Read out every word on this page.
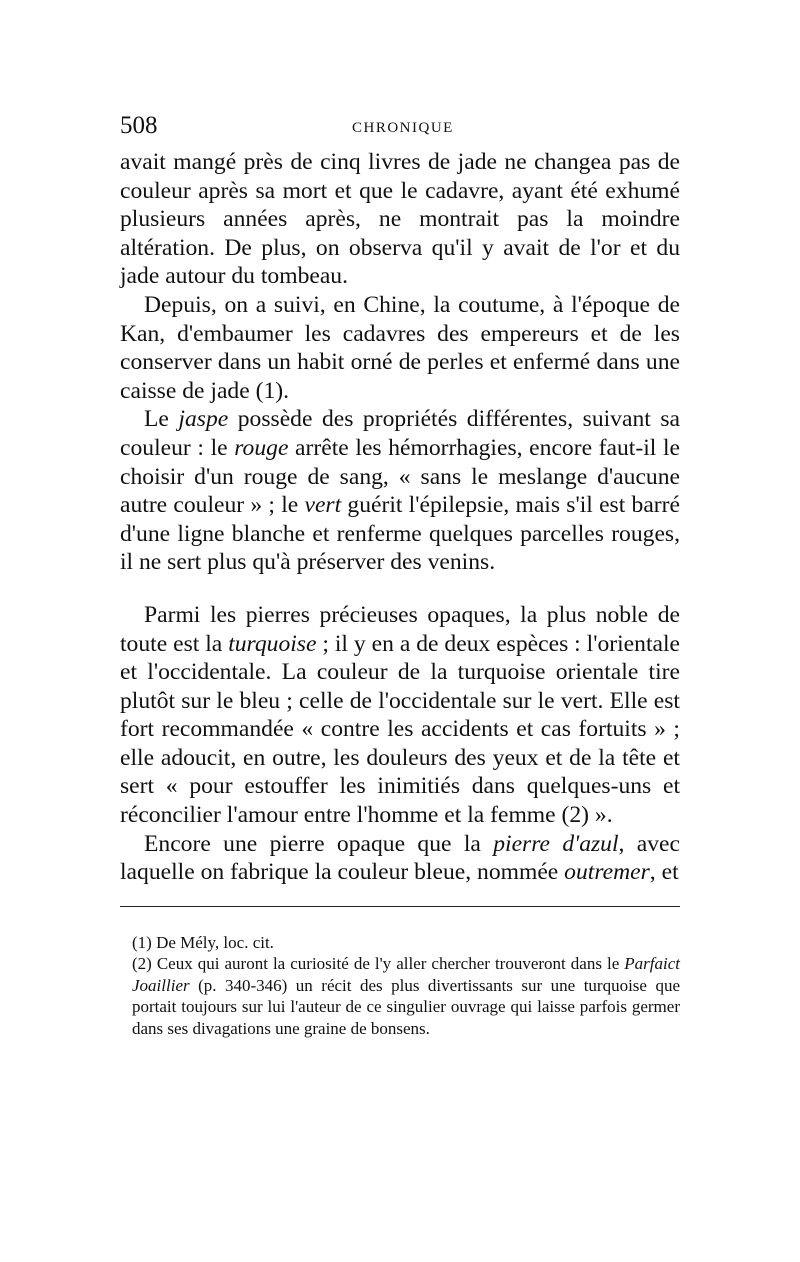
508	CHRONIQUE

avait mangé près de cinq livres de jade ne changea pas de couleur après sa mort et que le cadavre, ayant été exhumé plusieurs années après, ne montrait pas la moindre altération. De plus, on observa qu'il y avait de l'or et du jade autour du tombeau.

Depuis, on a suivi, en Chine, la coutume, à l'époque de Kan, d'embaumer les cadavres des empereurs et de les conserver dans un habit orné de perles et enfermé dans une caisse de jade (1).

Le jaspe possède des propriétés différentes, suivant sa couleur : le rouge arrête les hémorrhagies, encore faut-il le choisir d'un rouge de sang, « sans le meslange d'aucune autre couleur » ; le vert guérit l'épilepsie, mais s'il est barré d'une ligne blanche et renferme quelques parcelles rouges, il ne sert plus qu'à préserver des venins.

Parmi les pierres précieuses opaques, la plus noble de toute est la turquoise ; il y en a de deux espèces : l'orientale et l'occidentale. La couleur de la turquoise orientale tire plutôt sur le bleu ; celle de l'occidentale sur le vert. Elle est fort recommandée « contre les accidents et cas fortuits » ; elle adoucit, en outre, les douleurs des yeux et de la tête et sert « pour estouffer les inimitiés dans quelques-uns et réconcilier l'amour entre l'homme et la femme (2) ».

Encore une pierre opaque que la pierre d'azul, avec laquelle on fabrique la couleur bleue, nommée outremer, et

(1) De Mély, loc. cit.

(2) Ceux qui auront la curiosité de l'y aller chercher trouveront dans le Parfaict Joaillier (p. 340-346) un récit des plus divertissants sur une turquoise que portait toujours sur lui l'auteur de ce singulier ouvrage qui laisse parfois germer dans ses divagations une graine de bonsens.
